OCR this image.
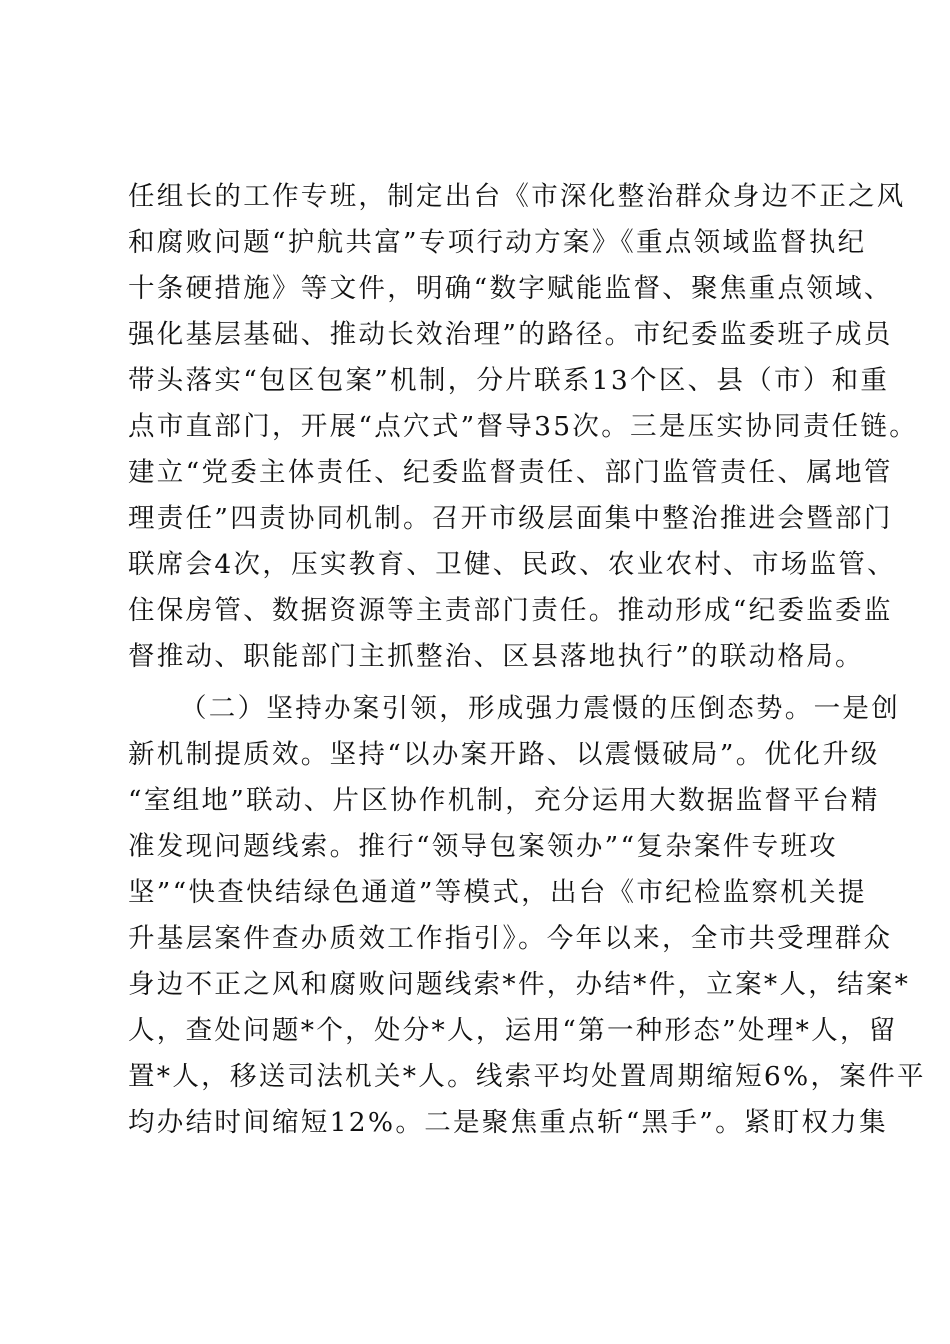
任组长的工作专班，制定出台《市深化整治群众身边不正之风
和腐败问题“护航共富”专项行动方案》《重点领域监督执纪
十条硬措施》等文件，明确“数字赋能监督、聚焦重点领域、
强化基层基础、推动长效治理”的路径。市纪委监委班子成员
带头落实“包区包案”机制，分片联系13个区、县（市）和重
点市直部门，开展“点穴式”督导35次。三是压实协同责任链。
建立“党委主体责任、纪委监督责任、部门监管责任、属地管
理责任”四责协同机制。召开市级层面集中整治推进会暨部门
联席会4次，压实教育、卫健、民政、农业农村、市场监管、
住保房管、数据资源等主责部门责任。推动形成“纪委监委监
督推动、职能部门主抓整治、区县落地执行”的联动格局。
（二）坚持办案引领，形成强力震慑的压倒态势。一是创
新机制提质效。坚持“以办案开路、以震慑破局”。优化升级
“室组地”联动、片区协作机制，充分运用大数据监督平台精
准发现问题线索。推行“领导包案领办”“复杂案件专班攻
坚”“快查快结绿色通道”等模式，出台《市纪检监察机关提
升基层案件查办质效工作指引》。今年以来，全市共受理群众
身边不正之风和腐败问题线索*件，办结*件，立案*人，结案*
人，查处问题*个，处分*人，运用“第一种形态”处理*人，留
置*人，移送司法机关*人。线索平均处置周期缩短6%，案件平
均办结时间缩短12%。二是聚焦重点斩“黑手”。紧盯权力集
